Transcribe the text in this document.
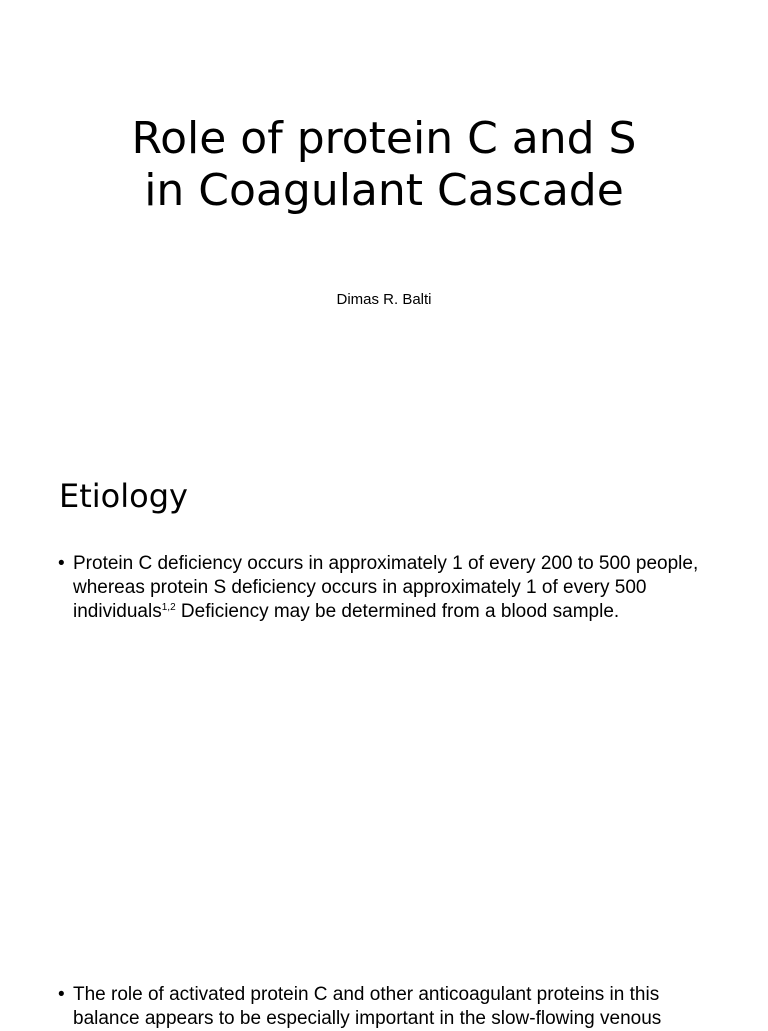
Role of protein C and S
in Coagulant Cascade

Dimas R. Balti

Etiology
• Protein C deficiency occurs in approximately 1 of every 200 to 500 people, whereas protein S deficiency occurs in approximately 1 of every 500 individuals$^{1,2}$ Deficiency may be determined from a blood sample.
• The role of activated protein C and other anticoagulant proteins in this balance appears to be especially important in the slow-flowing venous
